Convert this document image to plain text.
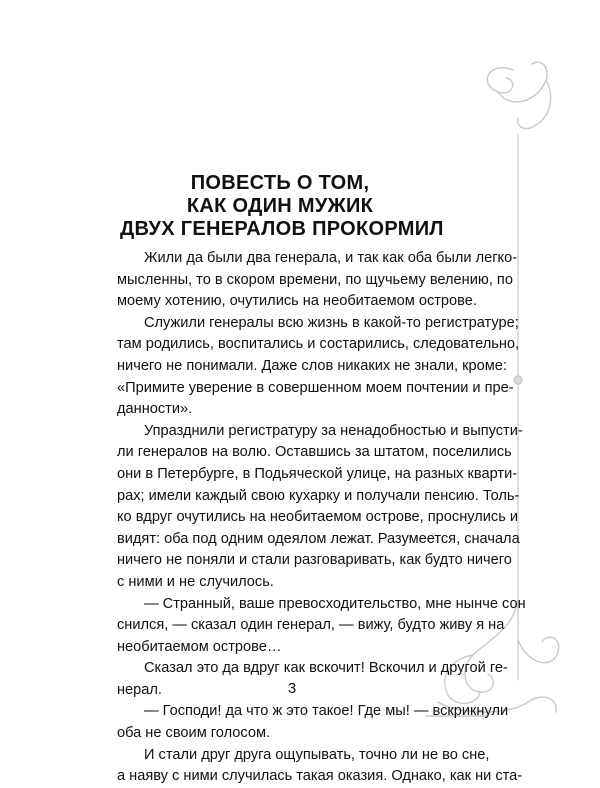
ПОВЕСТЬ О ТОМ,
КАК ОДИН МУЖИК
ДВУХ ГЕНЕРАЛОВ ПРОКОРМИЛ
Жили да были два генерала, и так как оба были легко-
мысленны, то в скором времени, по щучьему велению, по
моему хотению, очутились на необитаемом острове.
Служили генералы всю жизнь в какой-то регистратуре;
там родились, воспитались и состарились, следовательно,
ничего не понимали. Даже слов никаких не знали, кроме:
«Примите уверение в совершенном моем почтении и пре-
данности».
Упразднили регистратуру за ненадобностью и выпусти-
ли генералов на волю. Оставшись за штатом, поселились
они в Петербурге, в Подьяческой улице, на разных кварти-
рах; имели каждый свою кухарку и получали пенсию. Толь-
ко вдруг очутились на необитаемом острове, проснулись и
видят: оба под одним одеялом лежат. Разумеется, сначала
ничего не поняли и стали разговаривать, как будто ничего
с ними и не случилось.
— Странный, ваше превосходительство, мне нынче сон
снился, — сказал один генерал, — вижу, будто живу я на
необитаемом острове…
Сказал это да вдруг как вскочит! Вскочил и другой ге-
нерал.
— Господи! да что ж это такое! Где мы! — вскрикнули
оба не своим голосом.
И стали друг друга ощупывать, точно ли не во сне,
а наяву с ними случилась такая оказия. Однако, как ни ста-
3
